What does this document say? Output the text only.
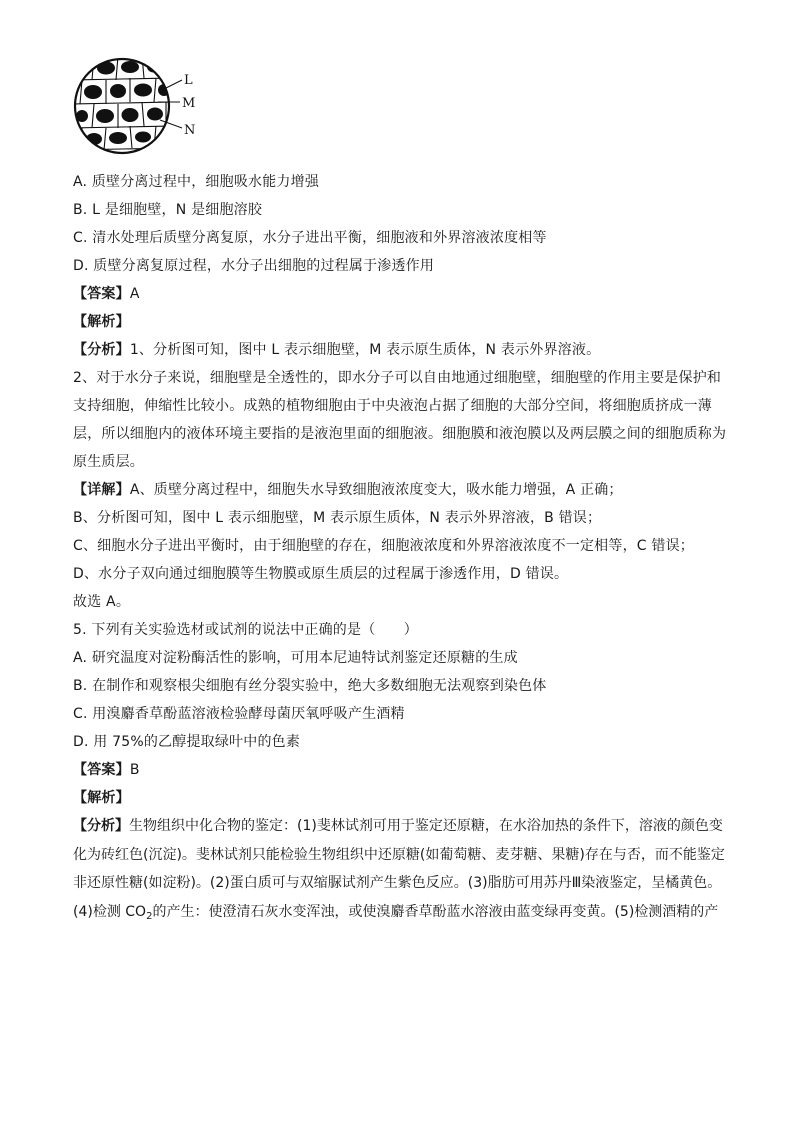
L
M
N
A. 质壁分离过程中，细胞吸水能力增强
B. L 是细胞壁，N 是细胞溶胶
C. 清水处理后质壁分离复原，水分子进出平衡，细胞液和外界溶液浓度相等
D. 质壁分离复原过程，水分子出细胞的过程属于渗透作用
【答案】A
【解析】
【分析】1、分析图可知，图中 L 表示细胞壁，M 表示原生质体，N 表示外界溶液。
2、对于水分子来说，细胞壁是全透性的，即水分子可以自由地通过细胞壁，细胞壁的作用主要是保护和
支持细胞，伸缩性比较小。成熟的植物细胞由于中央液泡占据了细胞的大部分空间，将细胞质挤成一薄
层，所以细胞内的液体环境主要指的是液泡里面的细胞液。细胞膜和液泡膜以及两层膜之间的细胞质称为
原生质层。
【详解】A、质壁分离过程中，细胞失水导致细胞液浓度变大，吸水能力增强，A 正确；
B、分析图可知，图中 L 表示细胞壁，M 表示原生质体，N 表示外界溶液，B 错误；
C、细胞水分子进出平衡时，由于细胞壁的存在，细胞液浓度和外界溶液浓度不一定相等，C 错误；
D、水分子双向通过细胞膜等生物膜或原生质层的过程属于渗透作用，D 错误。
故选 A。
5. 下列有关实验选材或试剂的说法中正确的是（　　）
A. 研究温度对淀粉酶活性的影响，可用本尼迪特试剂鉴定还原糖的生成
B. 在制作和观察根尖细胞有丝分裂实验中，绝大多数细胞无法观察到染色体
C. 用溴麝香草酚蓝溶液检验酵母菌厌氧呼吸产生酒精
D. 用 75%的乙醇提取绿叶中的色素
【答案】B
【解析】
【分析】生物组织中化合物的鉴定：(1)斐林试剂可用于鉴定还原糖，在水浴加热的条件下，溶液的颜色变
化为砖红色(沉淀)。斐林试剂只能检验生物组织中还原糖(如葡萄糖、麦芽糖、果糖)存在与否，而不能鉴定
非还原性糖(如淀粉)。(2)蛋白质可与双缩脲试剂产生紫色反应。(3)脂肪可用苏丹Ⅲ染液鉴定，呈橘黄色。
(4)检测 $CO_2$的产生：使澄清石灰水变浑浊，或使溴麝香草酚蓝水溶液由蓝变绿再变黄。(5)检测酒精的产
